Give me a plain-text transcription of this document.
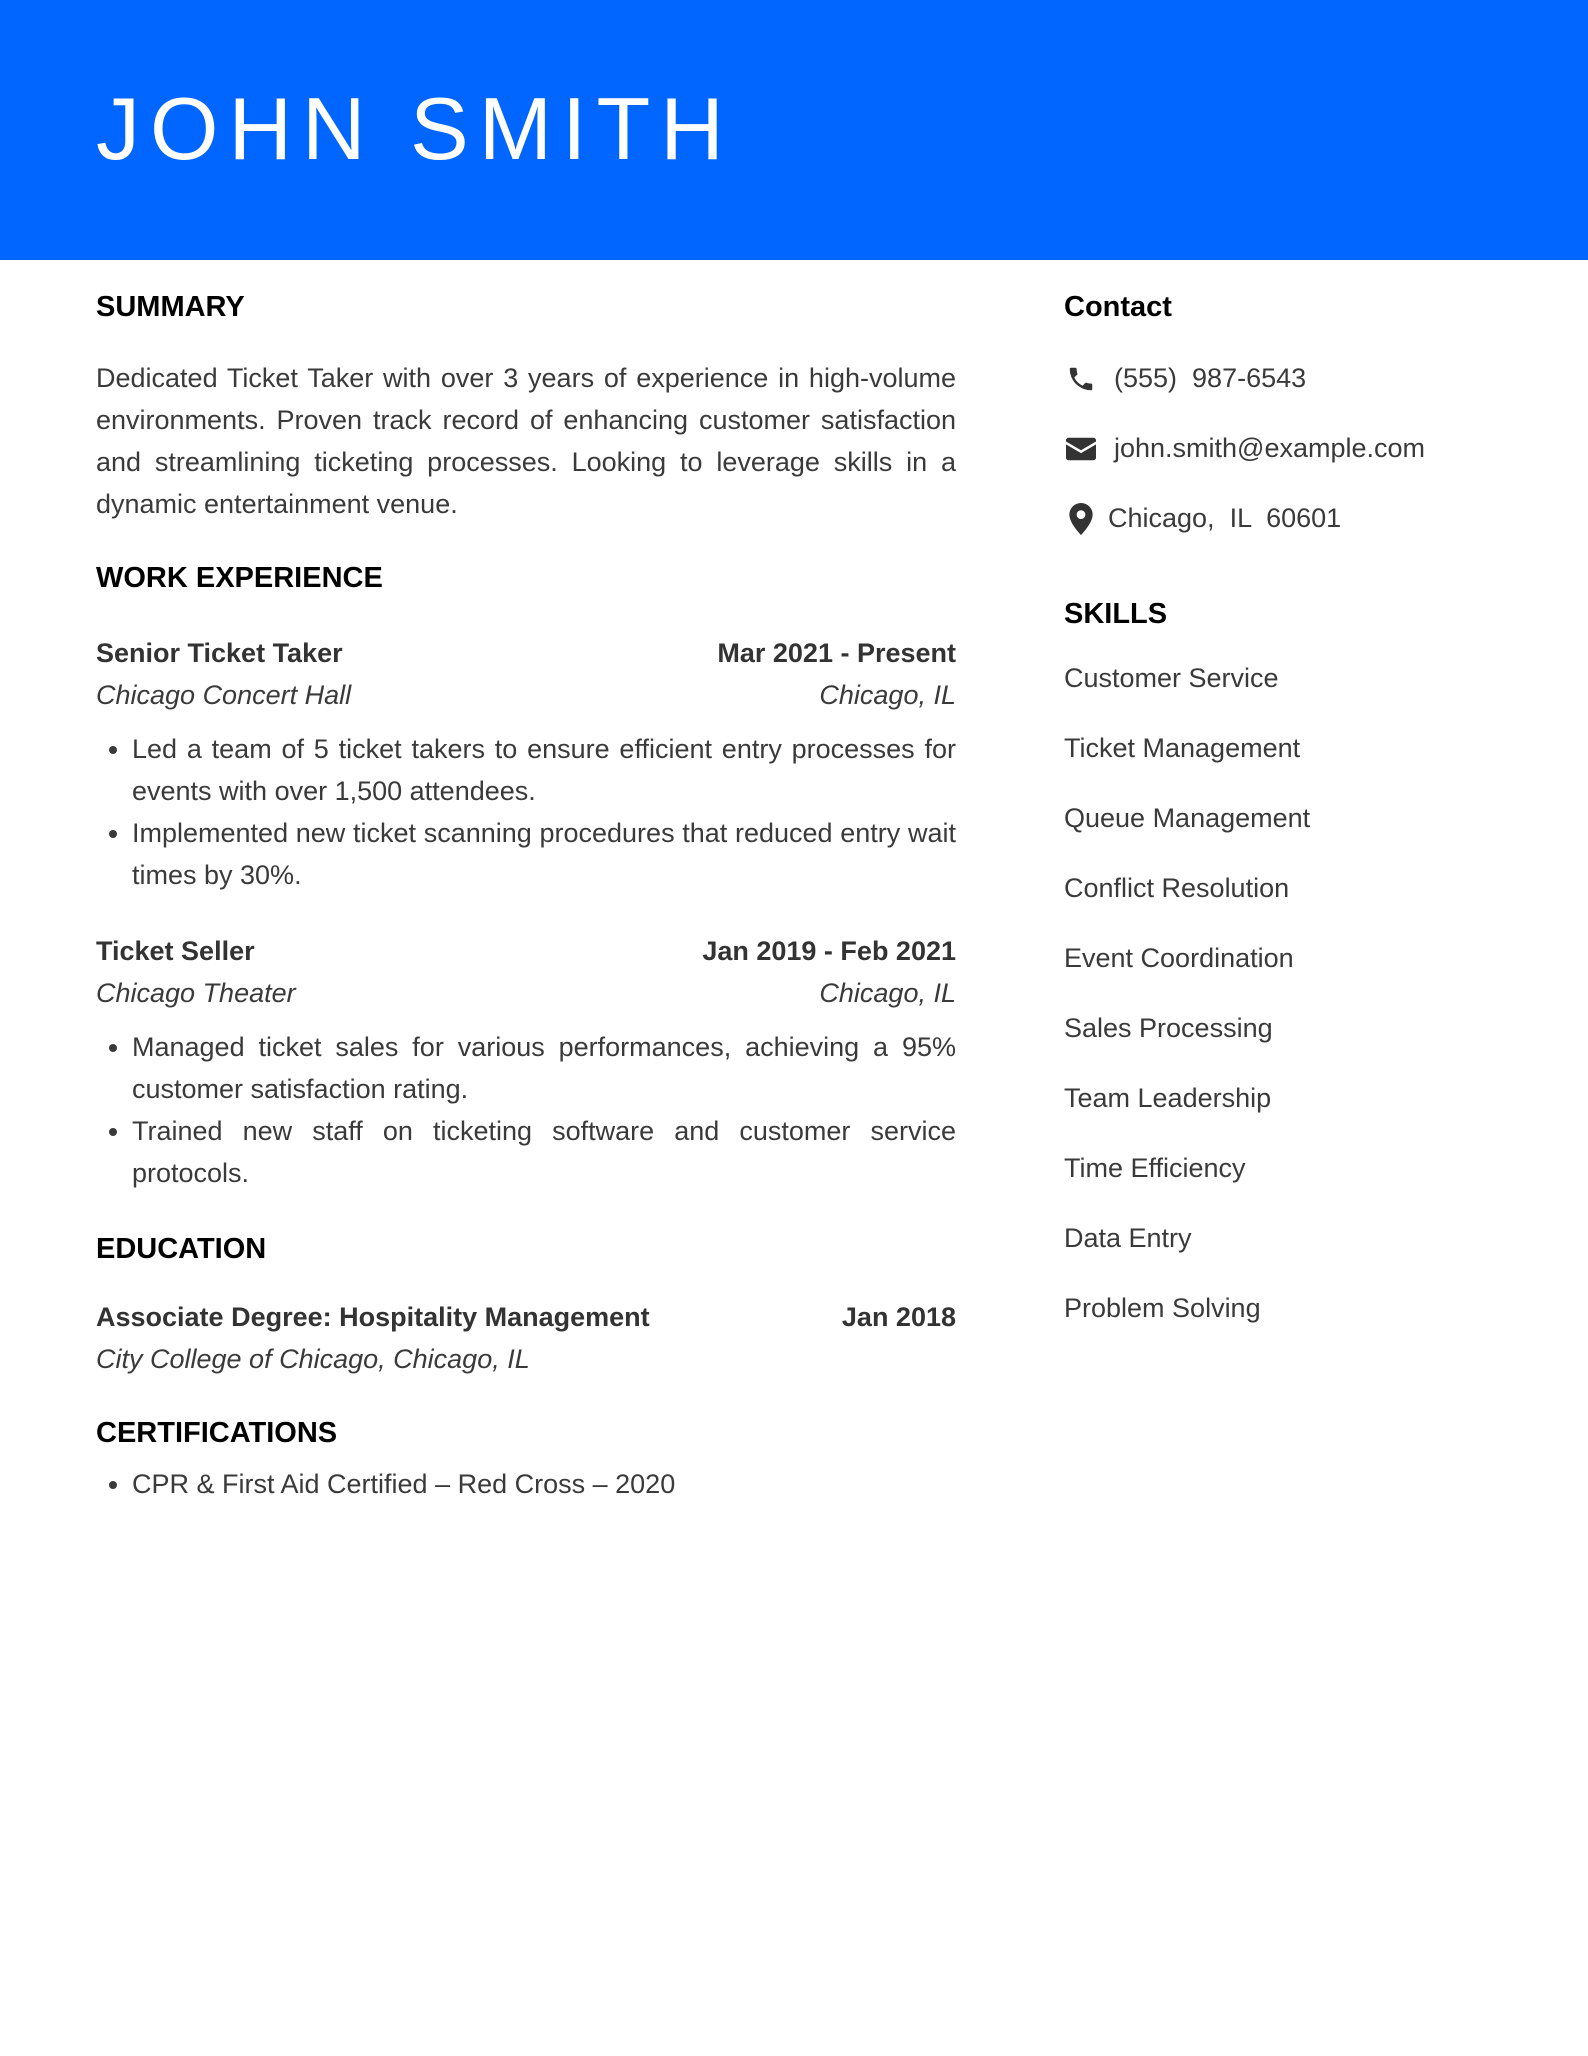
JOHN SMITH
SUMMARY
Dedicated Ticket Taker with over 3 years of experience in high-volume environments. Proven track record of enhancing customer satisfaction and streamlining ticketing processes. Looking to leverage skills in a dynamic entertainment venue.
WORK EXPERIENCE
Senior Ticket Taker	Mar 2021 - Present
Chicago Concert Hall	Chicago, IL
• Led a team of 5 ticket takers to ensure efficient entry processes for events with over 1,500 attendees.
• Implemented new ticket scanning procedures that reduced entry wait times by 30%.
Ticket Seller	Jan 2019 - Feb 2021
Chicago Theater	Chicago, IL
• Managed ticket sales for various performances, achieving a 95% customer satisfaction rating.
• Trained new staff on ticketing software and customer service protocols.
EDUCATION
Associate Degree: Hospitality Management	Jan 2018
City College of Chicago, Chicago, IL
CERTIFICATIONS
• CPR & First Aid Certified – Red Cross – 2020
Contact
(555)  987-6543
john.smith@example.com
Chicago,  IL  60601
SKILLS
Customer Service
Ticket Management
Queue Management
Conflict Resolution
Event Coordination
Sales Processing
Team Leadership
Time Efficiency
Data Entry
Problem Solving
